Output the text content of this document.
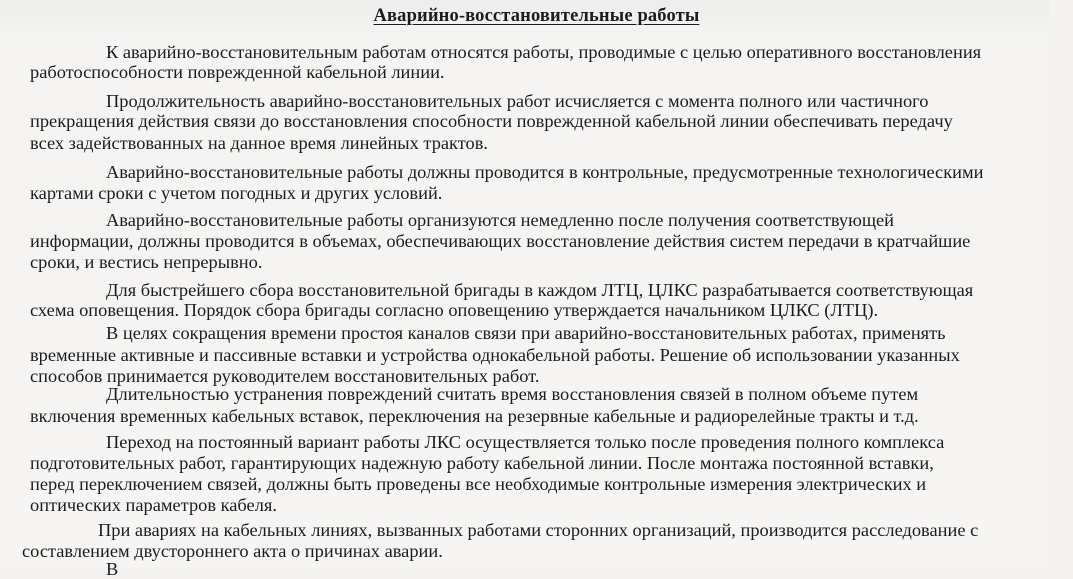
Аварийно-восстановительные работы
К аварийно-восстановительным работам относятся работы, проводимые с целью оперативного восстановления
работоспособности поврежденной кабельной линии.
Продолжительность аварийно-восстановительных работ исчисляется с момента полного или частичного
прекращения действия связи до восстановления способности поврежденной кабельной линии обеспечивать передачу
всех задействованных на данное время линейных трактов.
Аварийно-восстановительные работы должны проводится в контрольные, предусмотренные технологическими
картами сроки с учетом погодных и других условий.
Аварийно-восстановительные работы организуются немедленно после получения соответствующей
информации, должны проводится в объемах, обеспечивающих восстановление действия систем передачи в кратчайшие
сроки, и вестись непрерывно.
Для быстрейшего сбора восстановительной бригады в каждом ЛТЦ, ЦЛКС разрабатывается соответствующая
схема оповещения. Порядок сбора бригады согласно оповещению утверждается начальником ЦЛКС (ЛТЦ).
В целях сокращения времени простоя каналов связи при аварийно-восстановительных работах, применять
временные активные и пассивные вставки и устройства однокабельной работы. Решение об использовании указанных
способов принимается руководителем восстановительных работ.
Длительностью устранения повреждений считать время восстановления связей в полном объеме путем
включения временных кабельных вставок, переключения на резервные кабельные и радиорелейные тракты и т.д.
Переход на постоянный вариант работы ЛКС осуществляется только после проведения полного комплекса
подготовительных работ, гарантирующих надежную работу кабельной линии. После монтажа постоянной вставки,
перед переключением связей, должны быть проведены все необходимые контрольные измерения электрических и
оптических параметров кабеля.
При авариях на кабельных линиях, вызванных работами сторонних организаций, производится расследование с
составлением двустороннего акта о причинах аварии.
В
